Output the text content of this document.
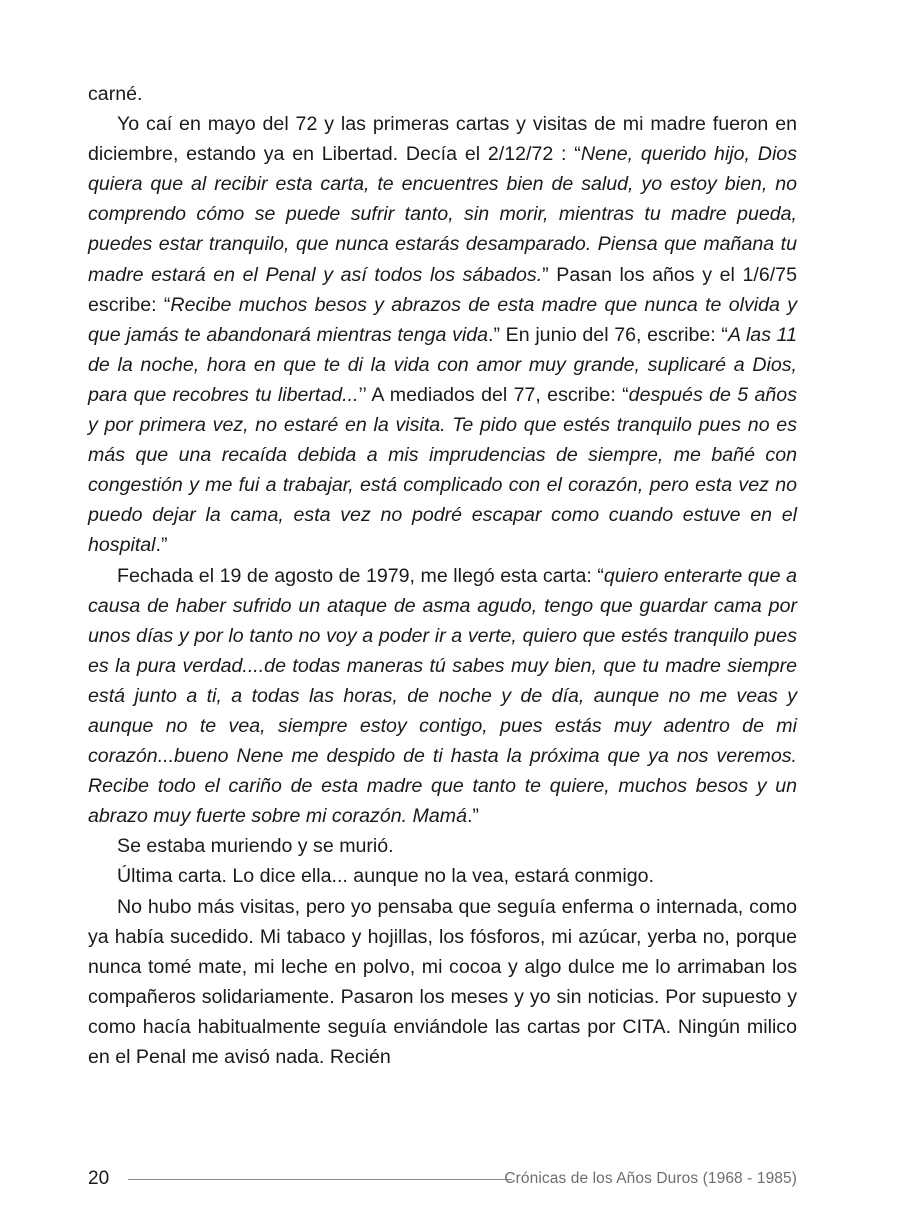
carné.

Yo caí en mayo del 72 y las primeras cartas y visitas de mi madre fueron en diciembre, estando ya en Libertad. Decía el 2/12/72 : “Nene, querido hijo, Dios quiera que al recibir esta carta, te encuentres bien de salud, yo estoy bien, no comprendo cómo se puede sufrir tanto, sin morir, mientras tu madre pueda, puedes estar tranquilo, que nunca estarás desamparado. Piensa que mañana tu madre estará en el Penal y así todos los sábados.” Pasan los años y el 1/6/75 escribe: “Recibe muchos besos y abrazos de esta madre que nunca te olvida y que jamás te abandonará mientras tenga vida.” En junio del 76, escribe: “A las 11 de la noche, hora en que te di la vida con amor muy grande, suplicaré a Dios, para que recobres tu libertad...’’ A mediados del 77, escribe: “después de 5 años y por primera vez, no estaré en la visita. Te pido que estés tranquilo pues no es más que una recaída debida a mis imprudencias de siempre, me bañé con congestión y me fui a trabajar, está complicado con el corazón, pero esta vez no puedo dejar la cama, esta vez no podré escapar como cuando estuve en el hospital.”

Fechada el 19 de agosto de 1979, me llegó esta carta: “quiero enterarte que a causa de haber sufrido un ataque de asma agudo, tengo que guardar cama por unos días y por lo tanto no voy a poder ir a verte, quiero que estés tranquilo pues es la pura verdad....de todas maneras tú sabes muy bien, que tu madre siempre está junto a ti, a todas las horas, de noche y de día, aunque no me veas y aunque no te vea, siempre estoy contigo, pues estás muy adentro de mi corazón...bueno Nene me despido de ti hasta la próxima que ya nos veremos. Recibe todo el cariño de esta madre que tanto te quiere, muchos besos y un abrazo muy fuerte sobre mi corazón. Mamá.”

Se estaba muriendo y se murió.

Última carta. Lo dice ella... aunque no la vea, estará conmigo.

No hubo más visitas, pero yo pensaba que seguía enferma o internada, como ya había sucedido. Mi tabaco y hojillas, los fósforos, mi azúcar, yerba no, porque nunca tomé mate, mi leche en polvo, mi cocoa y algo dulce me lo arrimaban los compañeros solidariamente. Pasaron los meses y yo sin noticias. Por supuesto y como hacía habitualmente seguía enviándole las cartas por CITA. Ningún milico en el Penal me avisó nada. Recién

20	Crónicas de los Años Duros (1968 - 1985)
